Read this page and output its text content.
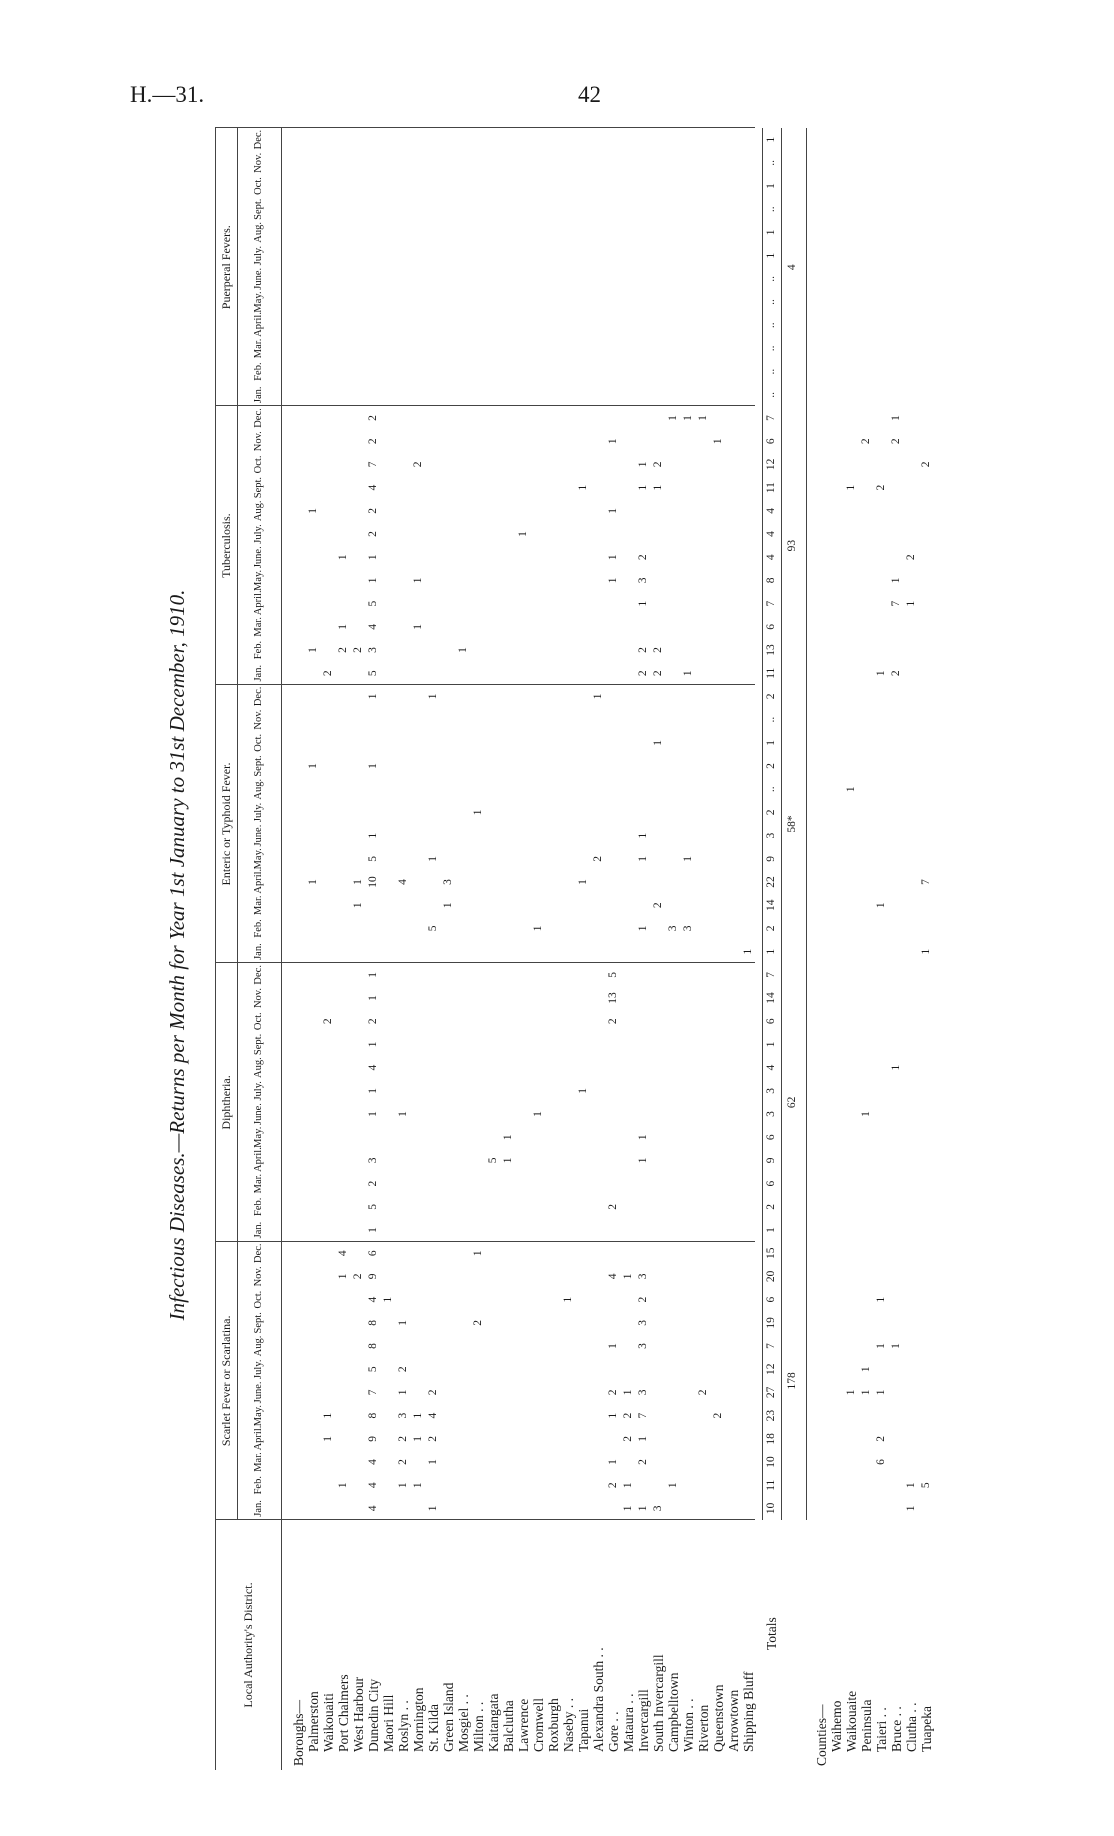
H.—31.	42
Infectious Diseases.—Returns per Month for Year 1st January to 31st December, 1910.
Local Authority's District.
Scarlet Fever or Scarlatina.
Jan.
Feb.
Mar.
April.
May.
June.
July.
Aug.
Sept.
Oct.
Nov.
Dec.
Diphtheria.
Jan.
Feb.
Mar.
April.
May.
June.
July.
Aug.
Sept.
Oct.
Nov.
Dec.
Enteric or Typhoid Fever.
Jan.
Feb.
Mar.
April.
May.
June.
July.
Aug.
Sept.
Oct.
Nov.
Dec.
Tuberculosis.
Jan.
Feb.
Mar.
April.
May.
June.
July.
Aug.
Sept.
Oct.
Nov.
Dec.
Puerperal Fevers.
Jan.
Feb.
Mar.
April.
May.
June.
July.
Aug.
Sept.
Oct.
Nov.
Dec.
Boroughs— Palmerston
1
1
1
1
Waikouaiti
1
1
2
2
Port Chalmers
1
1
4
2
1
1
West Harbour
2
1
1
2
Dunedin City
4
4
4
9
8
7
5
8
8
4
9
6
1
5
2
3
1
1
4
1
2
1
1
10
5
1
1
1
5
3
4
5
1
1
2
2
4
7
2
2
Maori Hill
1
Roslyn . .
1
2
2
3
1
2
1
1
4
Mornington
1
1
1
1
1
2
St. Kilda
1
1
2
4
2
5
1
1
Green Island
1
3
Mosgiel . .
1
Milton . .
2
1
1
Kaitangata
5
Balclutha
1
1
Lawrence
1
Cromwell
1
1
Roxburgh Naseby . .
1
Tapanui
1
1
1
Alexandra South . .
2
1
Gore . .
2
1
1
2
1
4
2
2
13
5
1
1
1
1
Mataura . .
1
1
2
2
1
1
Invercargill
1
2
1
7
3
3
3
2
3
1
1
1
1
1
2
2
1
3
2
1
1
South Invercargill
3
2
1
2
2
1
2
Campbelltown
1
3
1
Winton . .
3
1
1
1
Riverton
2
1
Queenstown
2
1
Arrowtown Shipping Bluff
1
Totals
10
11
10
18
23
27
12
7
19
6
20
15
1
2
6
9
6
3
3
4
1
6
14
7
1
2
14
22
9
3
2
..
2
1
..
2
11
13
6
7
8
4
4
4
11
12
6
7
..
..
..
..
..
..
1
1
..
1
..
1
178
62
58*
93
4
Counties— Waihemo Waikouaite
1
1
1
Peninsula
1
1
1
2
Taieri . .
6
2
1
1
1
1
1
2
Bruce . .
1
1
2
7
1
2
1
Clutha . .
1
1
1
2
Tuapeka
5
1
7
2
